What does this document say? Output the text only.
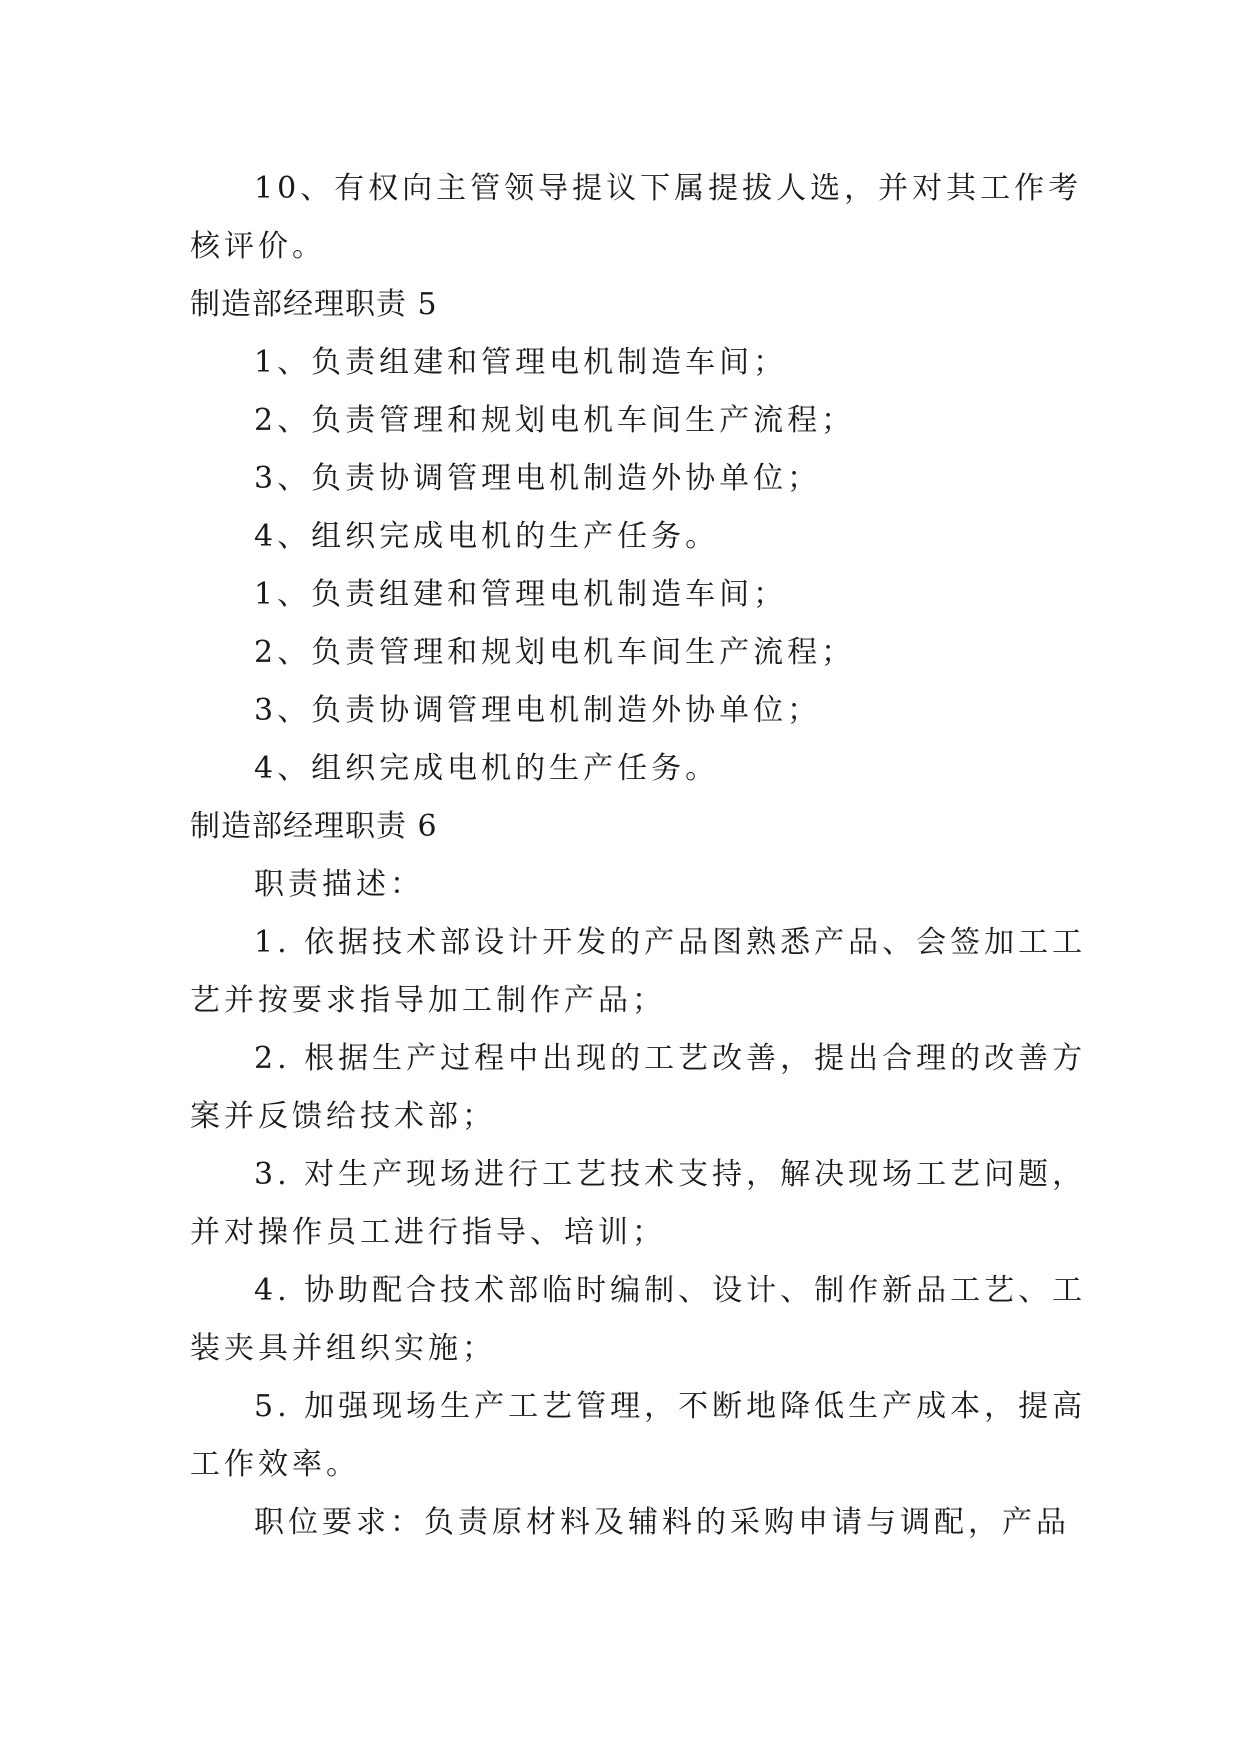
10、有权向主管领导提议下属提拔人选，并对其工作考
核评价。
制造部经理职责 5
1、负责组建和管理电机制造车间；
2、负责管理和规划电机车间生产流程；
3、负责协调管理电机制造外协单位；
4、组织完成电机的生产任务。
1、负责组建和管理电机制造车间；
2、负责管理和规划电机车间生产流程；
3、负责协调管理电机制造外协单位；
4、组织完成电机的生产任务。
制造部经理职责 6
职责描述：
1. 依据技术部设计开发的产品图熟悉产品、会签加工工
艺并按要求指导加工制作产品；
2. 根据生产过程中出现的工艺改善，提出合理的改善方
案并反馈给技术部；
3. 对生产现场进行工艺技术支持，解决现场工艺问题，
并对操作员工进行指导、培训；
4. 协助配合技术部临时编制、设计、制作新品工艺、工
装夹具并组织实施；
5. 加强现场生产工艺管理，不断地降低生产成本，提高
工作效率。
职位要求：负责原材料及辅料的采购申请与调配，产品
